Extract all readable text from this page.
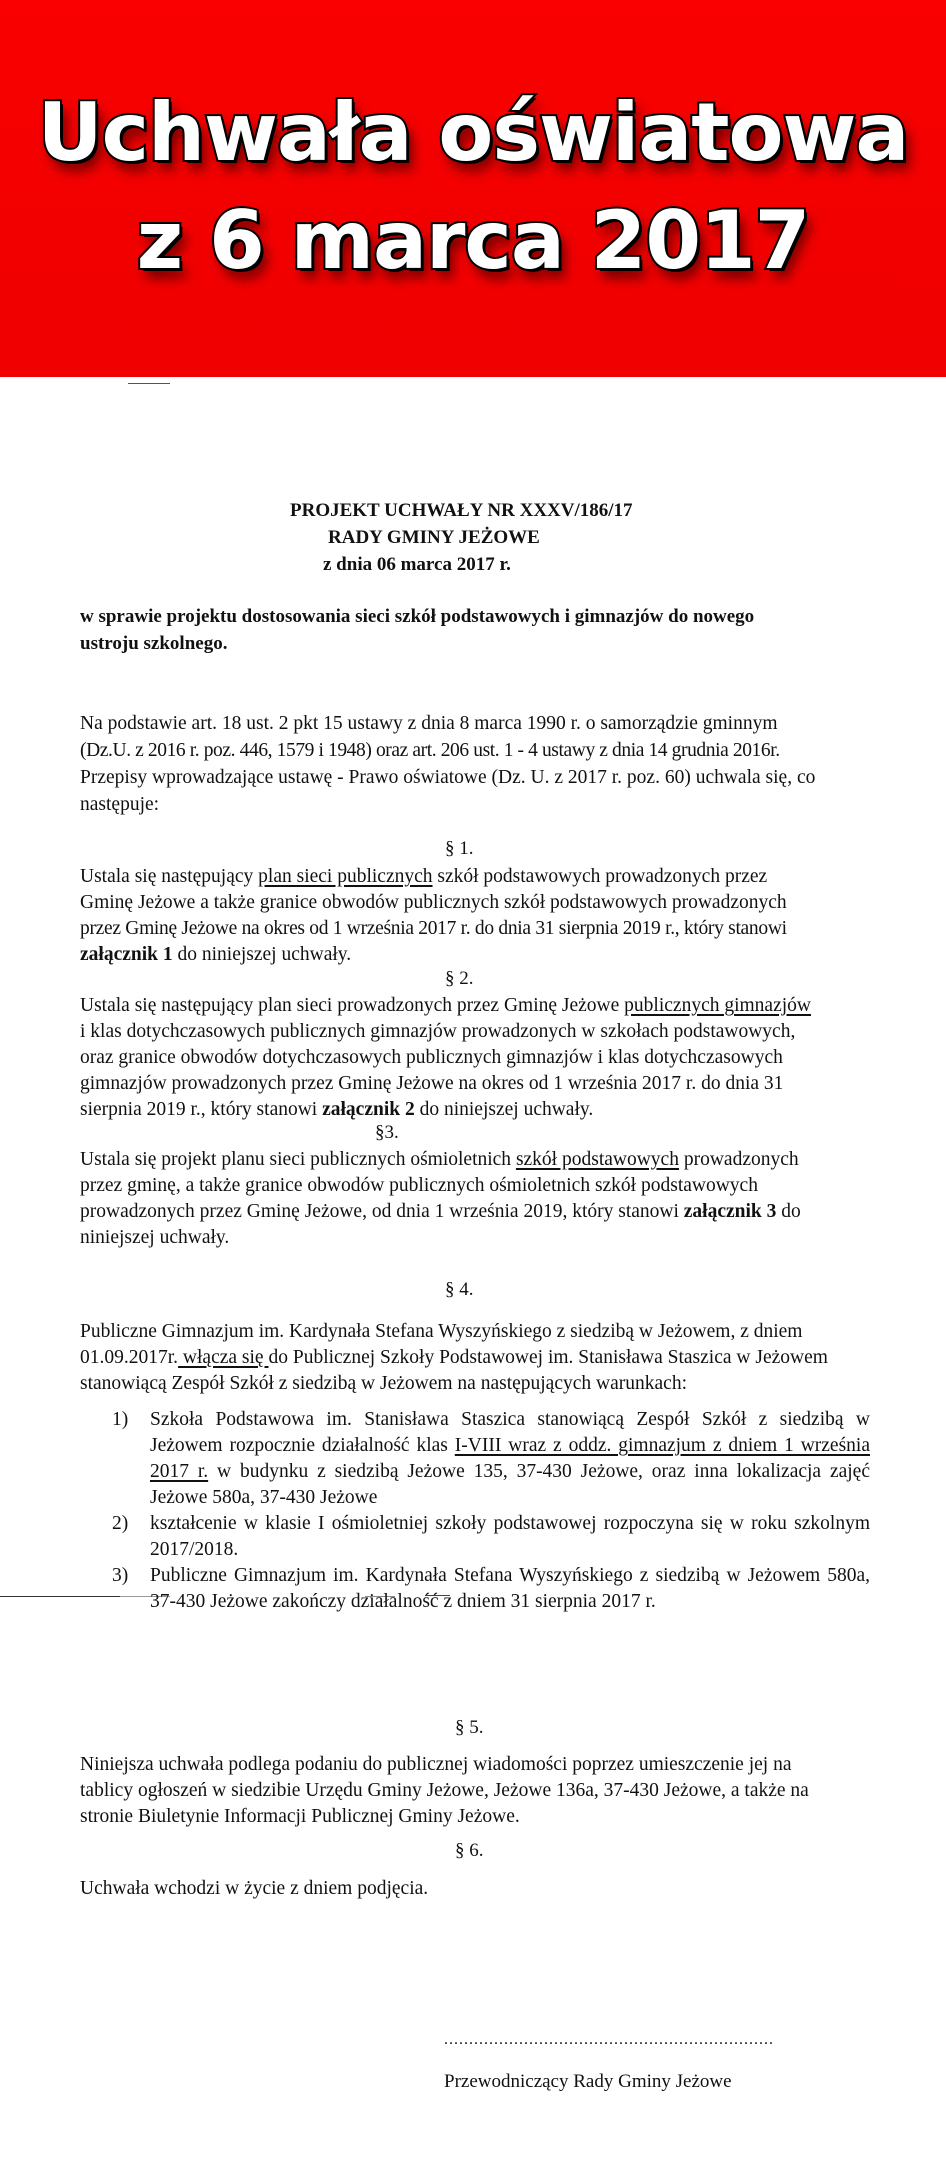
Uchwała oświatowa
z 6 marca 2017
PROJEKT UCHWAŁY NR XXXV/186/17
RADY GMINY JEŻOWE
z dnia 06 marca 2017 r.
w sprawie projektu dostosowania sieci szkół podstawowych i gimnazjów do nowego
ustroju szkolnego.
Na podstawie art. 18 ust. 2 pkt 15 ustawy z dnia 8 marca 1990 r. o samorządzie gminnym
(Dz.U. z 2016 r. poz. 446, 1579 i 1948) oraz art. 206 ust. 1 - 4 ustawy z dnia 14 grudnia 2016r.
Przepisy wprowadzające ustawę - Prawo oświatowe (Dz. U. z 2017 r. poz. 60) uchwala się, co
następuje:
§ 1.
Ustala się następujący plan sieci publicznych szkół podstawowych prowadzonych przez
Gminę Jeżowe a także granice obwodów publicznych szkół podstawowych prowadzonych
przez Gminę Jeżowe na okres od 1 września 2017 r. do dnia 31 sierpnia 2019 r., który stanowi
załącznik 1 do niniejszej uchwały.
§ 2.
Ustala się następujący plan sieci prowadzonych przez Gminę Jeżowe publicznych gimnazjów
i klas dotychczasowych publicznych gimnazjów prowadzonych w szkołach podstawowych,
oraz granice obwodów dotychczasowych publicznych gimnazjów i klas dotychczasowych
gimnazjów prowadzonych przez Gminę Jeżowe na okres od 1 września 2017 r. do dnia 31
sierpnia 2019 r., który stanowi załącznik 2 do niniejszej uchwały.
§3.
Ustala się projekt planu sieci publicznych ośmioletnich szkół podstawowych prowadzonych
przez gminę, a także granice obwodów publicznych ośmioletnich szkół podstawowych
prowadzonych przez Gminę Jeżowe, od dnia 1 września 2019, który stanowi załącznik 3 do
niniejszej uchwały.
§ 4.
Publiczne Gimnazjum im. Kardynała Stefana Wyszyńskiego z siedzibą w Jeżowem, z dniem
01.09.2017r. włącza się do Publicznej Szkoły Podstawowej im. Stanisława Staszica w Jeżowem
stanowiącą Zespół Szkół z siedzibą w Jeżowem na następujących warunkach:
1) Szkoła Podstawowa im. Stanisława Staszica stanowiącą Zespół Szkół z siedzibą w Jeżowem rozpocznie działalność klas I-VIII wraz z oddz. gimnazjum z dniem 1 września 2017 r. w budynku z siedzibą Jeżowe 135, 37-430 Jeżowe, oraz inna lokalizacja zajęć Jeżowe 580a, 37-430 Jeżowe
2) kształcenie w klasie I ośmioletniej szkoły podstawowej rozpoczyna się w roku szkolnym 2017/2018.
3) Publiczne Gimnazjum im. Kardynała Stefana Wyszyńskiego z siedzibą w Jeżowem 580a, 37-430 Jeżowe zakończy działalność z dniem 31 sierpnia 2017 r.
§ 5.
Niniejsza uchwała podlega podaniu do publicznej wiadomości poprzez umieszczenie jej na
tablicy ogłoszeń w siedzibie Urzędu Gminy Jeżowe, Jeżowe 136a, 37-430 Jeżowe, a także na
stronie Biuletynie Informacji Publicznej Gminy Jeżowe.
§ 6.
Uchwała wchodzi w życie z dniem podjęcia.
..................................................................
Przewodniczący Rady Gminy Jeżowe
